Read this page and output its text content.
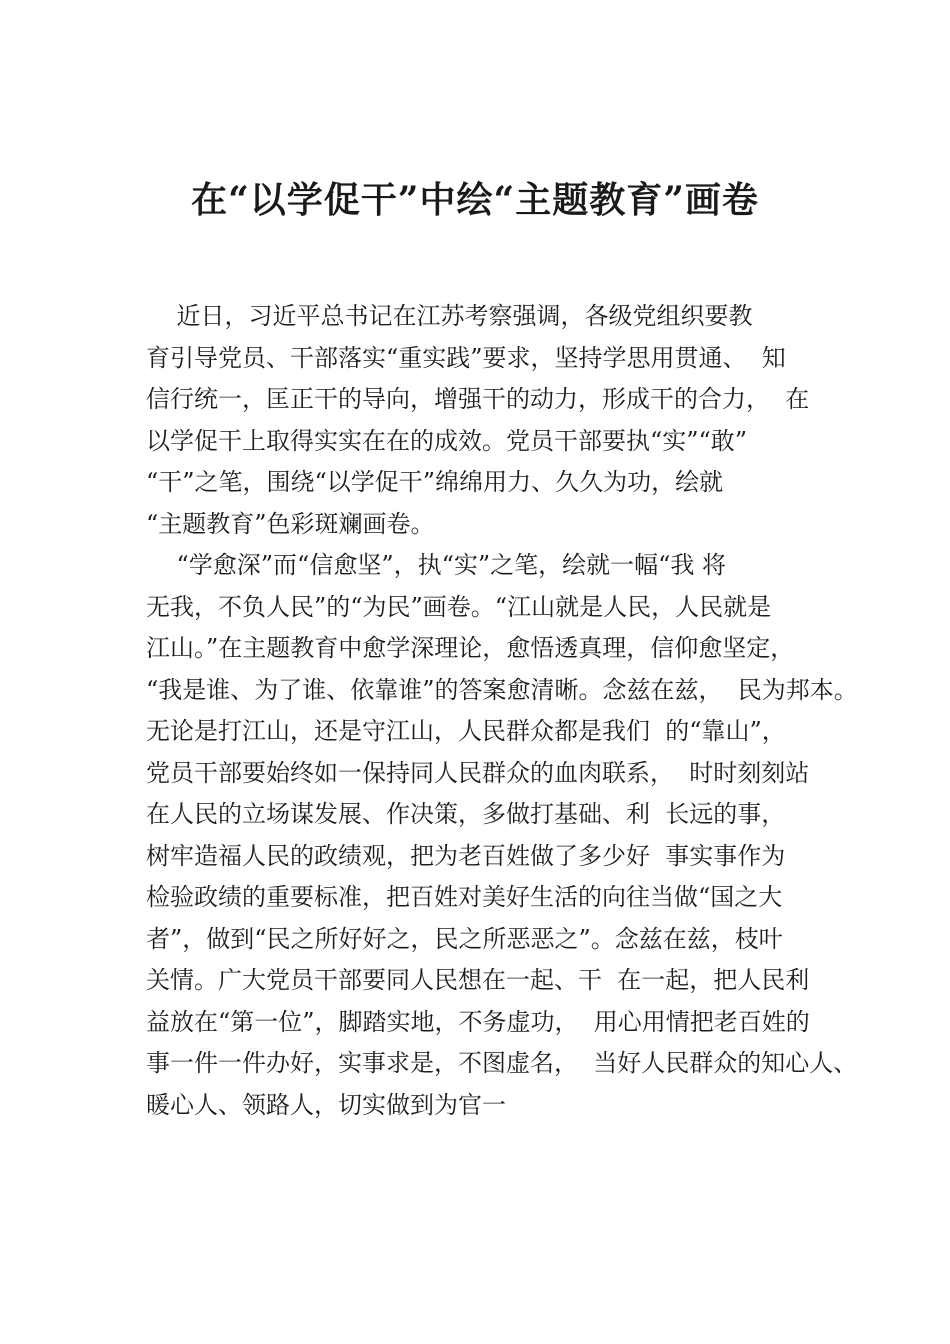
在“以学促干”中绘“主题教育”画卷
近日，习近平总书记在江苏考察强调，各级党组织要教
育引导党员、干部落实“重实践”要求，坚持学思用贯通、  知
信行统一，匡正干的导向，增强干的动力，形成干的合力，  在
以学促干上取得实实在在的成效。党员干部要执“实”“敢”
“干”之笔，围绕“以学促干”绵绵用力、久久为功，绘就
“主题教育”色彩斑斓画卷。
“学愈深”而“信愈坚”，执“实”之笔，绘就一幅“我 将
无我，不负人民”的“为民”画卷。“江山就是人民，人民就是
江山。”在主题教育中愈学深理论，愈悟透真理，信仰愈坚定，
“我是谁、为了谁、依靠谁”的答案愈清晰。念兹在兹，  民为邦本。
无论是打江山，还是守江山，人民群众都是我们  的“靠山”，
党员干部要始终如一保持同人民群众的血肉联系，  时时刻刻站
在人民的立场谋发展、作决策，多做打基础、利  长远的事，
树牢造福人民的政绩观，把为老百姓做了多少好  事实事作为
检验政绩的重要标准，把百姓对美好生活的向往当做“国之大
者”，做到“民之所好好之，民之所恶恶之”。念兹在兹，枝叶
关情。广大党员干部要同人民想在一起、干  在一起，把人民利
益放在“第一位”，脚踏实地，不务虚功，  用心用情把老百姓的
事一件一件办好，实事求是，不图虚名，  当好人民群众的知心人、
暖心人、领路人，切实做到为官一
